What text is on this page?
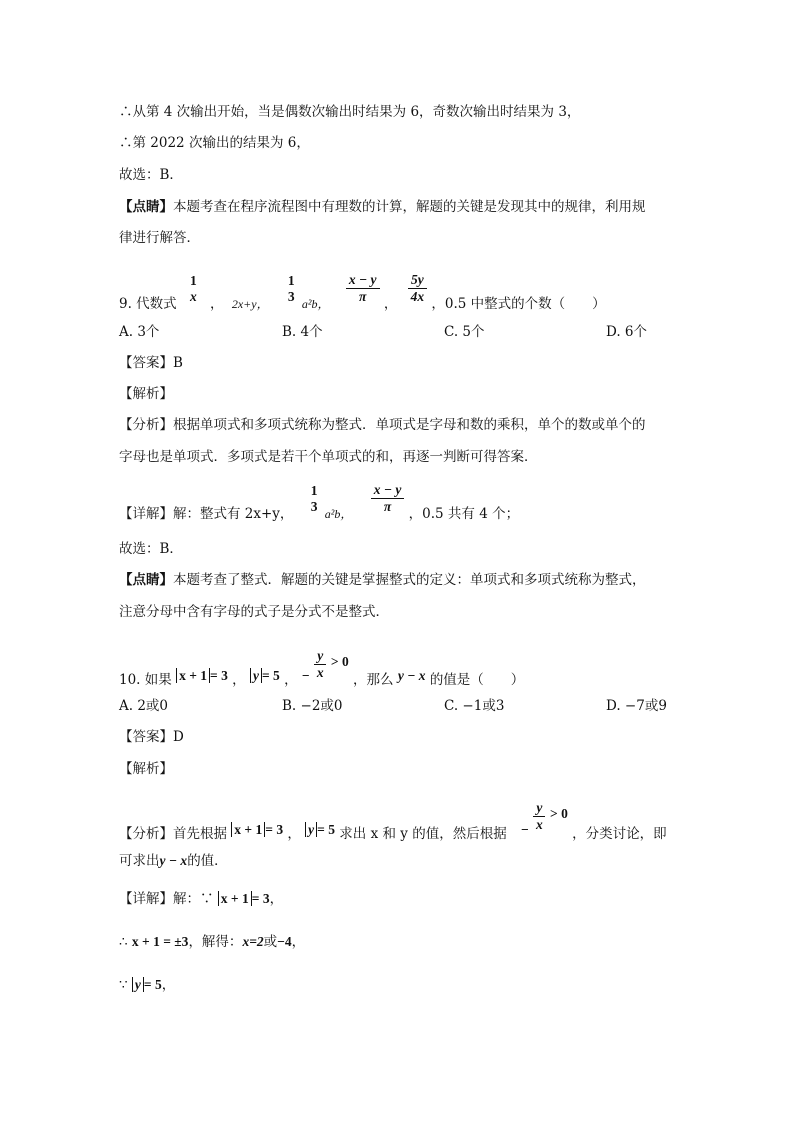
∴从第 4 次输出开始，当是偶数次输出时结果为 6，奇数次输出时结果为 3，
∴第 2022 次输出的结果为 6，
故选：B．
【点睛】本题考查在程序流程图中有理数的计算，解题的关键是发现其中的规律，利用规
律进行解答．
9. 代数式
1
x ， 2x+y，
1
3
a²b， $\frac{x - y}{\pi}$ ， $\frac{5y}{4x}$ ，0.5 中整式的个数（　　）
A. 3个	B. 4个	C. 5个	D. 6个
【答案】B
【解析】
【分析】根据单项式和多项式统称为整式．单项式是字母和数的乘积，单个的数或单个的
字母也是单项式．多项式是若干个单项式的和，再逐一判断可得答案．
【详解】解：整式有 2x+y，
1
3
a²b， $\frac{x - y}{\pi}$ ，0.5 共有 4 个；
故选：B．
【点睛】本题考查了整式．解题的关键是掌握整式的定义：单项式和多项式统称为整式，
注意分母中含有字母的式子是分式不是整式．
10. 如果 x + 1 = 3 ， y = 5 ， − $\frac{y}{x} > 0$ ，那么 y − x 的值是（　　）
A. 2或0	B. −2或0	C. −1或3	D. −7或9
【答案】D
【解析】
【分析】首先根据 x + 1 = 3 ， y = 5 求出 x 和 y 的值，然后根据 − $\frac{y}{x} > 0$ ，分类讨论，即
可求出y − x的值．
【详解】解：∵ x + 1 = 3，
∴ x + 1 = ±3，解得：x=2或−4，
∵ y = 5，
